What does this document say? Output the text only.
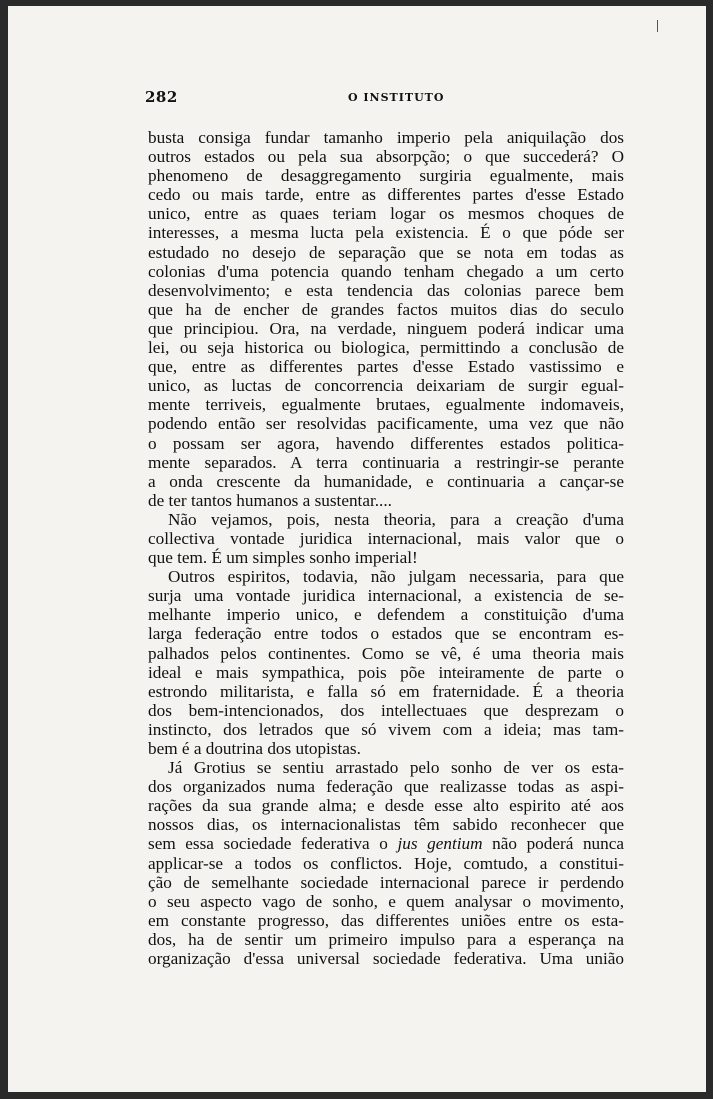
282	O INSTITUTO
busta consiga fundar tamanho imperio pela aniquilação dos
outros estados ou pela sua absorpção; o que succederá? O
phenomeno de desaggregamento surgiria egualmente, mais
cedo ou mais tarde, entre as differentes partes d'esse Estado
unico, entre as quaes teriam logar os mesmos choques de
interesses, a mesma lucta pela existencia. É o que póde ser
estudado no desejo de separação que se nota em todas as
colonias d'uma potencia quando tenham chegado a um certo
desenvolvimento; e esta tendencia das colonias parece bem
que ha de encher de grandes factos muitos dias do seculo
que principiou. Ora, na verdade, ninguem poderá indicar uma
lei, ou seja historica ou biologica, permittindo a conclusão de
que, entre as differentes partes d'esse Estado vastissimo e
unico, as luctas de concorrencia deixariam de surgir egual-
mente terriveis, egualmente brutaes, egualmente indomaveis,
podendo então ser resolvidas pacificamente, uma vez que não
o possam ser agora, havendo differentes estados politica-
mente separados. A terra continuaria a restringir-se perante
a onda crescente da humanidade, e continuaria a cançar-se
de ter tantos humanos a sustentar....
Não vejamos, pois, nesta theoria, para a creação d'uma
collectiva vontade juridica internacional, mais valor que o
que tem. É um simples sonho imperial!
Outros espiritos, todavia, não julgam necessaria, para que
surja uma vontade juridica internacional, a existencia de se-
melhante imperio unico, e defendem a constituição d'uma
larga federação entre todos o estados que se encontram es-
palhados pelos continentes. Como se vê, é uma theoria mais
ideal e mais sympathica, pois põe inteiramente de parte o
estrondo militarista, e falla só em fraternidade. É a theoria
dos bem-intencionados, dos intellectuaes que desprezam o
instincto, dos letrados que só vivem com a ideia; mas tam-
bem é a doutrina dos utopistas.
Já Grotius se sentiu arrastado pelo sonho de ver os esta-
dos organizados numa federação que realizasse todas as aspi-
rações da sua grande alma; e desde esse alto espirito até aos
nossos dias, os internacionalistas têm sabido reconhecer que
sem essa sociedade federativa o jus gentium não poderá nunca
applicar-se a todos os conflictos. Hoje, comtudo, a constitui-
ção de semelhante sociedade internacional parece ir perdendo
o seu aspecto vago de sonho, e quem analysar o movimento,
em constante progresso, das differentes uniões entre os esta-
dos, ha de sentir um primeiro impulso para a esperança na
organização d'essa universal sociedade federativa. Uma união
